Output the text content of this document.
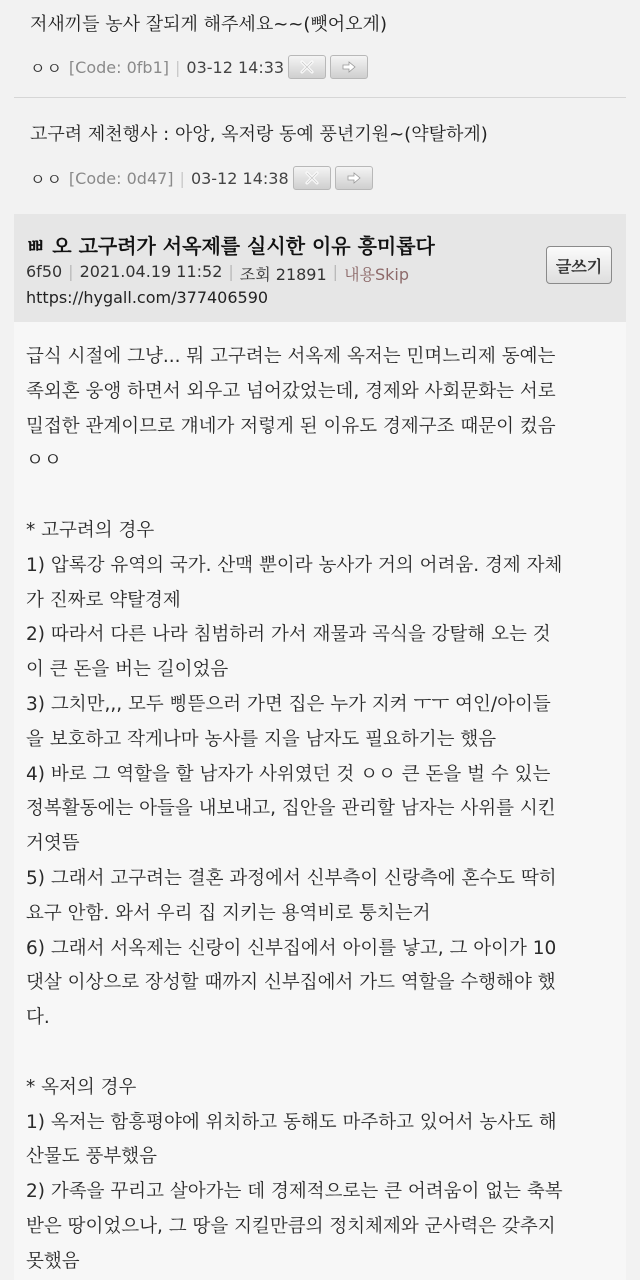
저새끼들 농사 잘되게 해주세요~~(뺏어오게)
ㅇㅇ [Code: 0fb1] | 03-12 14:33
고구려 제천행사 : 아앙, 옥저랑 동예 풍년기원~(약탈하게)
ㅇㅇ [Code: 0d47] | 03-12 14:38
ㅃ 오 고구려가 서옥제를 실시한 이유 흥미롭다
6f50 | 2021.04.19 11:52 | 조회 21891 | 내용Skip
https://hygall.com/377406590
글쓰기
급식 시절에 그냥... 뭐 고구려는 서옥제 옥저는 민며느리제 동예는
족외혼 웅앵 하면서 외우고 넘어갔었는데, 경제와 사회문화는 서로
밀접한 관계이므로 걔네가 저렇게 된 이유도 경제구조 때문이 컸음
ㅇㅇ
* 고구려의 경우
1) 압록강 유역의 국가. 산맥 뿐이라 농사가 거의 어려움. 경제 자체
가 진짜로 약탈경제
2) 따라서 다른 나라 침범하러 가서 재물과 곡식을 강탈해 오는 것
이 큰 돈을 버는 길이었음
3) 그치만,,, 모두 삥뜯으러 가면 집은 누가 지켜 ㅜㅜ 여인/아이들
을 보호하고 작게나마 농사를 지을 남자도 필요하기는 했음
4) 바로 그 역할을 할 남자가 사위였던 것 ㅇㅇ 큰 돈을 벌 수 있는
정복활동에는 아들을 내보내고, 집안을 관리할 남자는 사위를 시킨
거엿뜸
5) 그래서 고구려는 결혼 과정에서 신부측이 신랑측에 혼수도 딱히
요구 안함. 와서 우리 집 지키는 용역비로 퉁치는거
6) 그래서 서옥제는 신랑이 신부집에서 아이를 낳고, 그 아이가 10
댓살 이상으로 장성할 때까지 신부집에서 가드 역할을 수행해야 했
다.
* 옥저의 경우
1) 옥저는 함흥평야에 위치하고 동해도 마주하고 있어서 농사도 해
산물도 풍부했음
2) 가족을 꾸리고 살아가는 데 경제적으로는 큰 어려움이 없는 축복
받은 땅이었으나, 그 땅을 지킬만큼의 정치체제와 군사력은 갖추지
못했음
